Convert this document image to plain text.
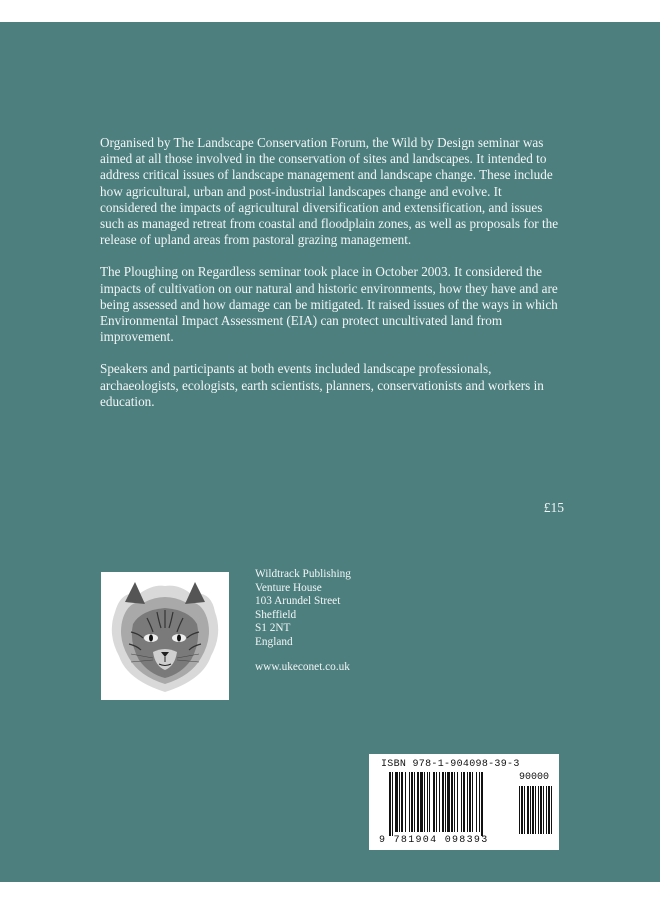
Organised by The Landscape Conservation Forum, the Wild by Design seminar was aimed at all those involved in the conservation of sites and landscapes. It intended to address critical issues of landscape management and landscape change. These include how agricultural, urban and post-industrial landscapes change and evolve. It considered the impacts of agricultural diversification and extensification, and issues such as managed retreat from coastal and floodplain zones, as well as proposals for the release of upland areas from pastoral grazing management.

The Ploughing on Regardless seminar took place in October 2003. It considered the impacts of cultivation on our natural and historic environments, how they have and are being assessed and how damage can be mitigated. It raised issues of the ways in which Environmental Impact Assessment (EIA) can protect uncultivated land from improvement.

Speakers and participants at both events included landscape professionals, archaeologists, ecologists, earth scientists, planners, conservationists and workers in education.

£15
Wildtrack Publishing
Venture House
103 Arundel Street
Sheffield
S1 2NT
England
www.ukeconet.co.uk
ISBN 978-1-904098-39-3
90000
9 781904 098393
